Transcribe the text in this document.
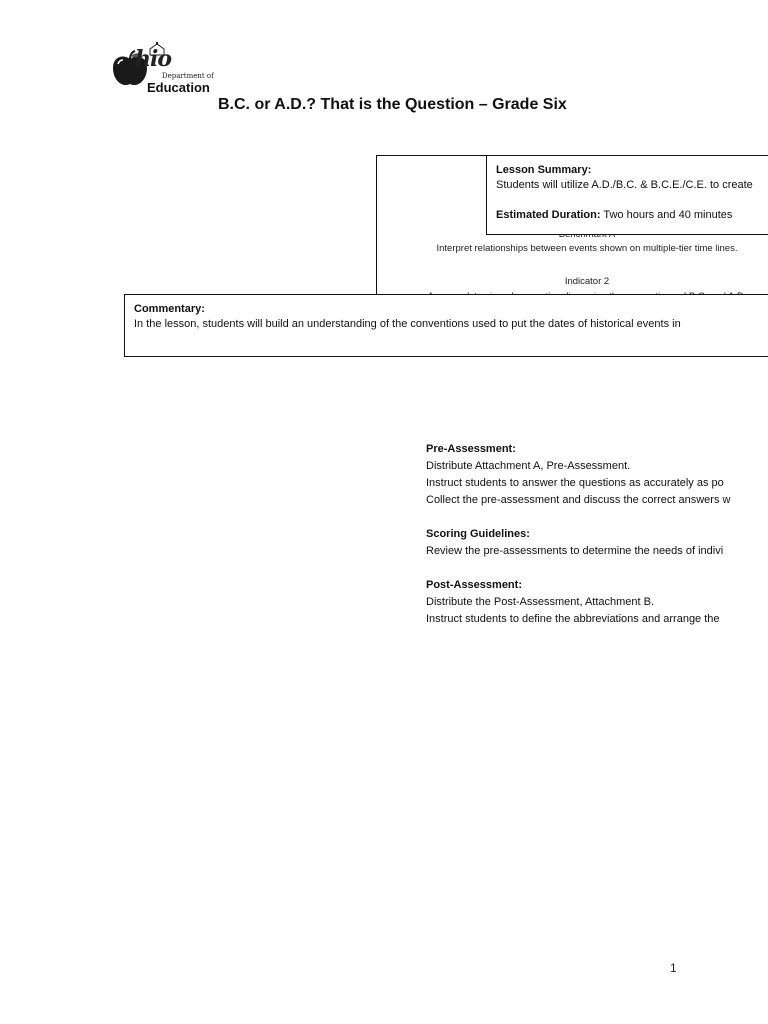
hio
Department of
Education
B.C. or A.D.? That is the Question – Grade Six
Interpret relationships between events shown on multiple-tier time lines.
Indicator 2
Lesson Summary:
Students will utilize A.D./B.C. & B.C.E./C.E. to create
Estimated Duration: Two hours and 40 minutes
Commentary:
In the lesson, students will build an understanding of the conventions used to put the dates of historical events in
Pre-Assessment:
Distribute Attachment A, Pre-Assessment.
Instruct students to answer the questions as accurately as po
Collect the pre-assessment and discuss the correct answers w
Scoring Guidelines:
Review the pre-assessments to determine the needs of indivi
Post-Assessment:
Distribute the Post-Assessment, Attachment B.
Instruct students to define the abbreviations and arrange the
1
